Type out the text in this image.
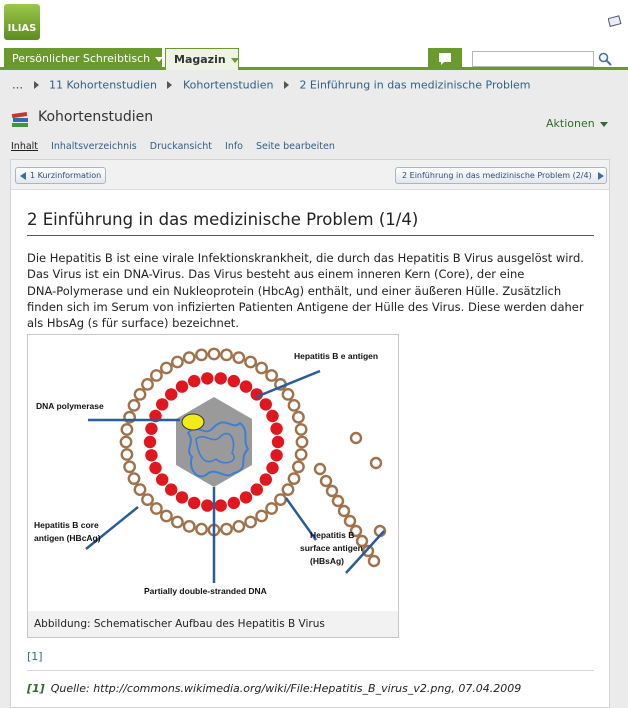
ILIAS
Persönlicher Schreibtisch	Magazin
… 11 Kohortenstudien Kohortenstudien 2 Einführung in das medizinische Problem
Kohortenstudien	Aktionen
Inhalt Inhaltsverzeichnis Druckansicht Info Seite bearbeiten
1 Kurzinformation	2 Einführung in das medizinische Problem (2/4)
2 Einführung in das medizinische Problem (1/4)
Die Hepatitis B ist eine virale Infektionskrankheit, die durch das Hepatitis B Virus ausgelöst wird.
Das Virus ist ein DNA-Virus. Das Virus besteht aus einem inneren Kern (Core), der eine
DNA-Polymerase und ein Nukleoprotein (HbcAg) enthält, und einer äußeren Hülle. Zusätzlich
finden sich im Serum von infizierten Patienten Antigene der Hülle des Virus. Diese werden daher
als HbsAg (s für surface) bezeichnet.
Hepatitis B e antigen
DNA polymerase
Hepatitis B core
antigen (HBcAg)	Hepatitis B
surface antigen
(HBsAg)
Partially double-stranded DNA
Abbildung: Schematischer Aufbau des Hepatitis B Virus
[1]
[1] Quelle: http://commons.wikimedia.org/wiki/File:Hepatitis_B_virus_v2.png, 07.04.2009
